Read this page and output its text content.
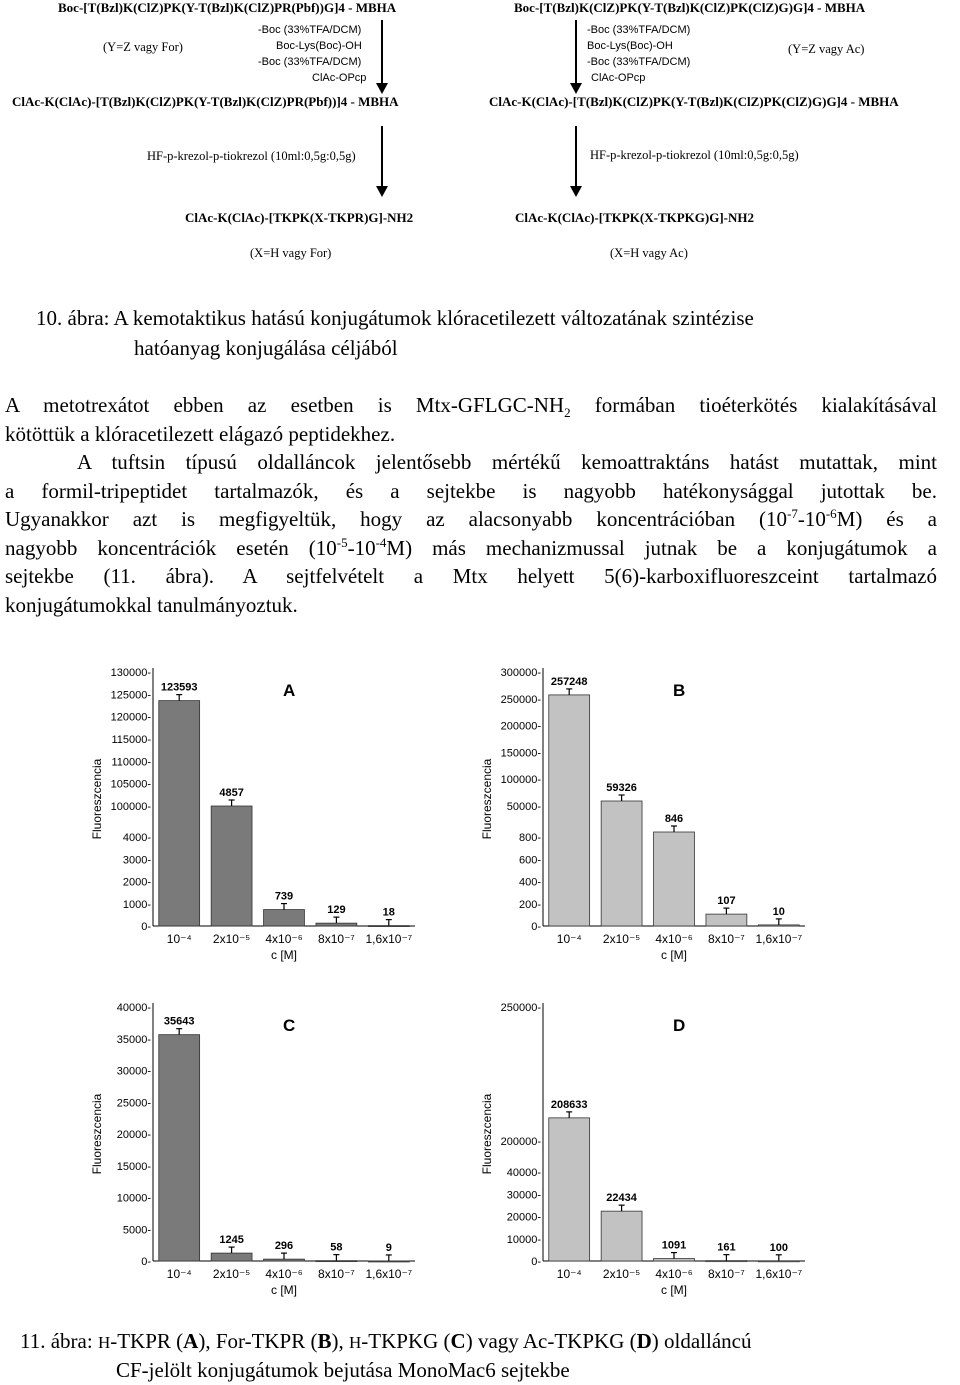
Boc-[T(Bzl)K(ClZ)PK(Y-T(Bzl)K(ClZ)PR(Pbf))G]4 - MBHA
(Y=Z vagy For)
-Boc (33%TFA/DCM)
Boc-Lys(Boc)-OH
-Boc (33%TFA/DCM)
ClAc-OPcp
ClAc-K(ClAc)-[T(Bzl)K(ClZ)PK(Y-T(Bzl)K(ClZ)PR(Pbf))]4 - MBHA
HF-p-krezol-p-tiokrezol (10ml:0,5g:0,5g)
ClAc-K(ClAc)-[TKPK(X-TKPR)G]-NH2
(X=H vagy For)
Boc-[T(Bzl)K(ClZ)PK(Y-T(Bzl)K(ClZ)PK(ClZ)G)G]4 - MBHA
(Y=Z vagy Ac)
-Boc (33%TFA/DCM)
Boc-Lys(Boc)-OH
-Boc (33%TFA/DCM)
ClAc-OPcp
ClAc-K(ClAc)-[T(Bzl)K(ClZ)PK(Y-T(Bzl)K(ClZ)PK(ClZ)G)G]4 - MBHA
HF-p-krezol-p-tiokrezol (10ml:0,5g:0,5g)
ClAc-K(ClAc)-[TKPK(X-TKPKG)G]-NH2
(X=H vagy Ac)
10. ábra: A kemotaktikus hatású konjugátumok klóracetilezett változatának szintézise
hatóanyag konjugálása céljából
A metotrexátot ebben az esetben is Mtx-$GFLGC-NH_2$ formában tioéterkötés kialakításával
kötöttük a klóracetilezett elágazó peptidekhez.
A tuftsin típusú oldalláncok jelentősebb mértékű kemoattraktáns hatást mutattak, mint
a formil-tripeptidet tartalmazók, és a sejtekbe is nagyobb hatékonysággal jutottak be.
Ugyanakkor azt is megfigyeltük, hogy az alacsonyabb koncentrációban $(10^{-7}-10^{-6}M)$ és a
nagyobb koncentrációk esetén $(10^{-5}-10^{-4}M)$ más mechanizmussal jutnak be a konjugátumok a
sejtekbe (11. ábra). A sejtfelvételt a Mtx helyett 5(6)-karboxifluoreszceint tartalmazó
konjugátumokkal tanulmányoztuk.
0-
1000-
2000-
3000-
4000-
100000-
105000-
110000-
115000-
120000-
125000-
130000-
Fluoreszcencia
123593
10⁻⁴
4857
2x10⁻⁵
739
4x10⁻⁶
129
8x10⁻⁷
18
1,6x10⁻⁷
c [M]
A
0-
200-
400-
600-
800-
50000-
100000-
150000-
200000-
250000-
300000-
Fluoreszcencia
257248
10⁻⁴
59326
2x10⁻⁵
846
4x10⁻⁶
107
8x10⁻⁷
10
1,6x10⁻⁷
c [M]
B
0-
5000-
10000-
15000-
20000-
25000-
30000-
35000-
40000-
Fluoreszcencia
35643
10⁻⁴
1245
2x10⁻⁵
296
4x10⁻⁶
58
8x10⁻⁷
9
1,6x10⁻⁷
c [M]
C
0-
10000-
20000-
30000-
40000-
200000-
250000-
Fluoreszcencia	208633
10⁻⁴
22434
2x10⁻⁵
1091
4x10⁻⁶
161
8x10⁻⁷
100
1,6x10⁻⁷
c [M]
D
11. ábra: H-TKPR (A), For-TKPR (B), H-TKPKG (C) vagy Ac-TKPKG (D) oldalláncú
CF-jelölt konjugátumok bejutása MonoMac6 sejtekbe
